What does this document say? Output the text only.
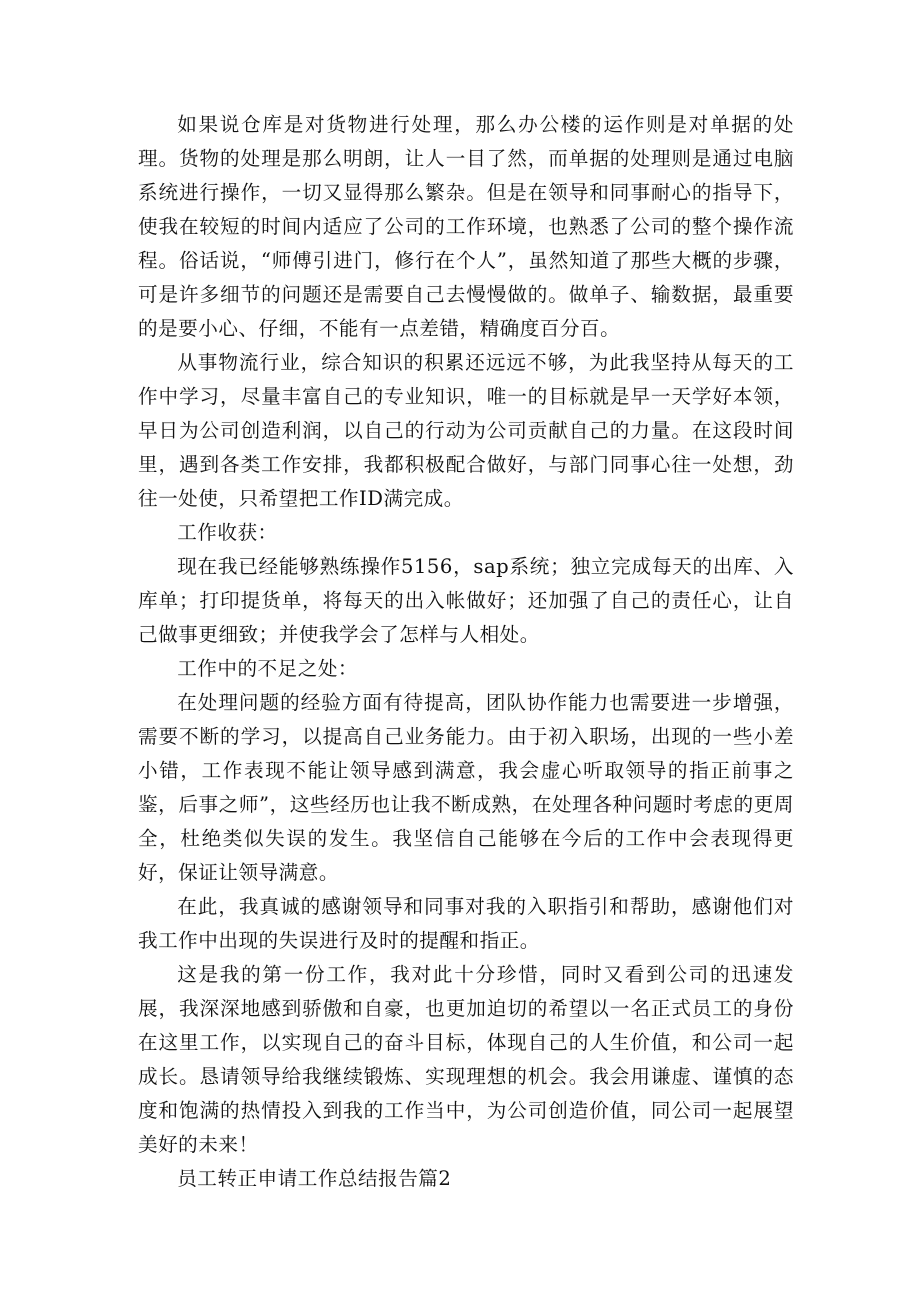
如果说仓库是对货物进行处理，那么办公楼的运作则是对单据的处理。货物的处理是那么明朗，让人一目了然，而单据的处理则是通过电脑系统进行操作，一切又显得那么繁杂。但是在领导和同事耐心的指导下，使我在较短的时间内适应了公司的工作环境，也熟悉了公司的整个操作流程。俗话说，“师傅引进门，修行在个人”，虽然知道了那些大概的步骤，可是许多细节的问题还是需要自己去慢慢做的。做单子、输数据，最重要的是要小心、仔细，不能有一点差错，精确度百分百。

从事物流行业，综合知识的积累还远远不够，为此我坚持从每天的工作中学习，尽量丰富自己的专业知识，唯一的目标就是早一天学好本领，早日为公司创造利润，以自己的行动为公司贡献自己的力量。在这段时间里，遇到各类工作安排，我都积极配合做好，与部门同事心往一处想，劲往一处使，只希望把工作ID满完成。

工作收获：

现在我已经能够熟练操作5156，sap系统；独立完成每天的出库、入库单；打印提货单，将每天的出入帐做好；还加强了自己的责任心，让自己做事更细致；并使我学会了怎样与人相处。

工作中的不足之处：

在处理问题的经验方面有待提高，团队协作能力也需要进一步增强，需要不断的学习，以提高自己业务能力。由于初入职场，出现的一些小差小错，工作表现不能让领导感到满意，我会虚心听取领导的指正前事之鉴，后事之师”，这些经历也让我不断成熟，在处理各种问题时考虑的更周全，杜绝类似失误的发生。我坚信自己能够在今后的工作中会表现得更好，保证让领导满意。

在此，我真诚的感谢领导和同事对我的入职指引和帮助，感谢他们对我工作中出现的失误进行及时的提醒和指正。

这是我的第一份工作，我对此十分珍惜，同时又看到公司的迅速发展，我深深地感到骄傲和自豪，也更加迫切的希望以一名正式员工的身份在这里工作，以实现自己的奋斗目标，体现自己的人生价值，和公司一起成长。恳请领导给我继续锻炼、实现理想的机会。我会用谦虚、谨慎的态度和饱满的热情投入到我的工作当中，为公司创造价值，同公司一起展望美好的未来！

员工转正申请工作总结报告篇2
